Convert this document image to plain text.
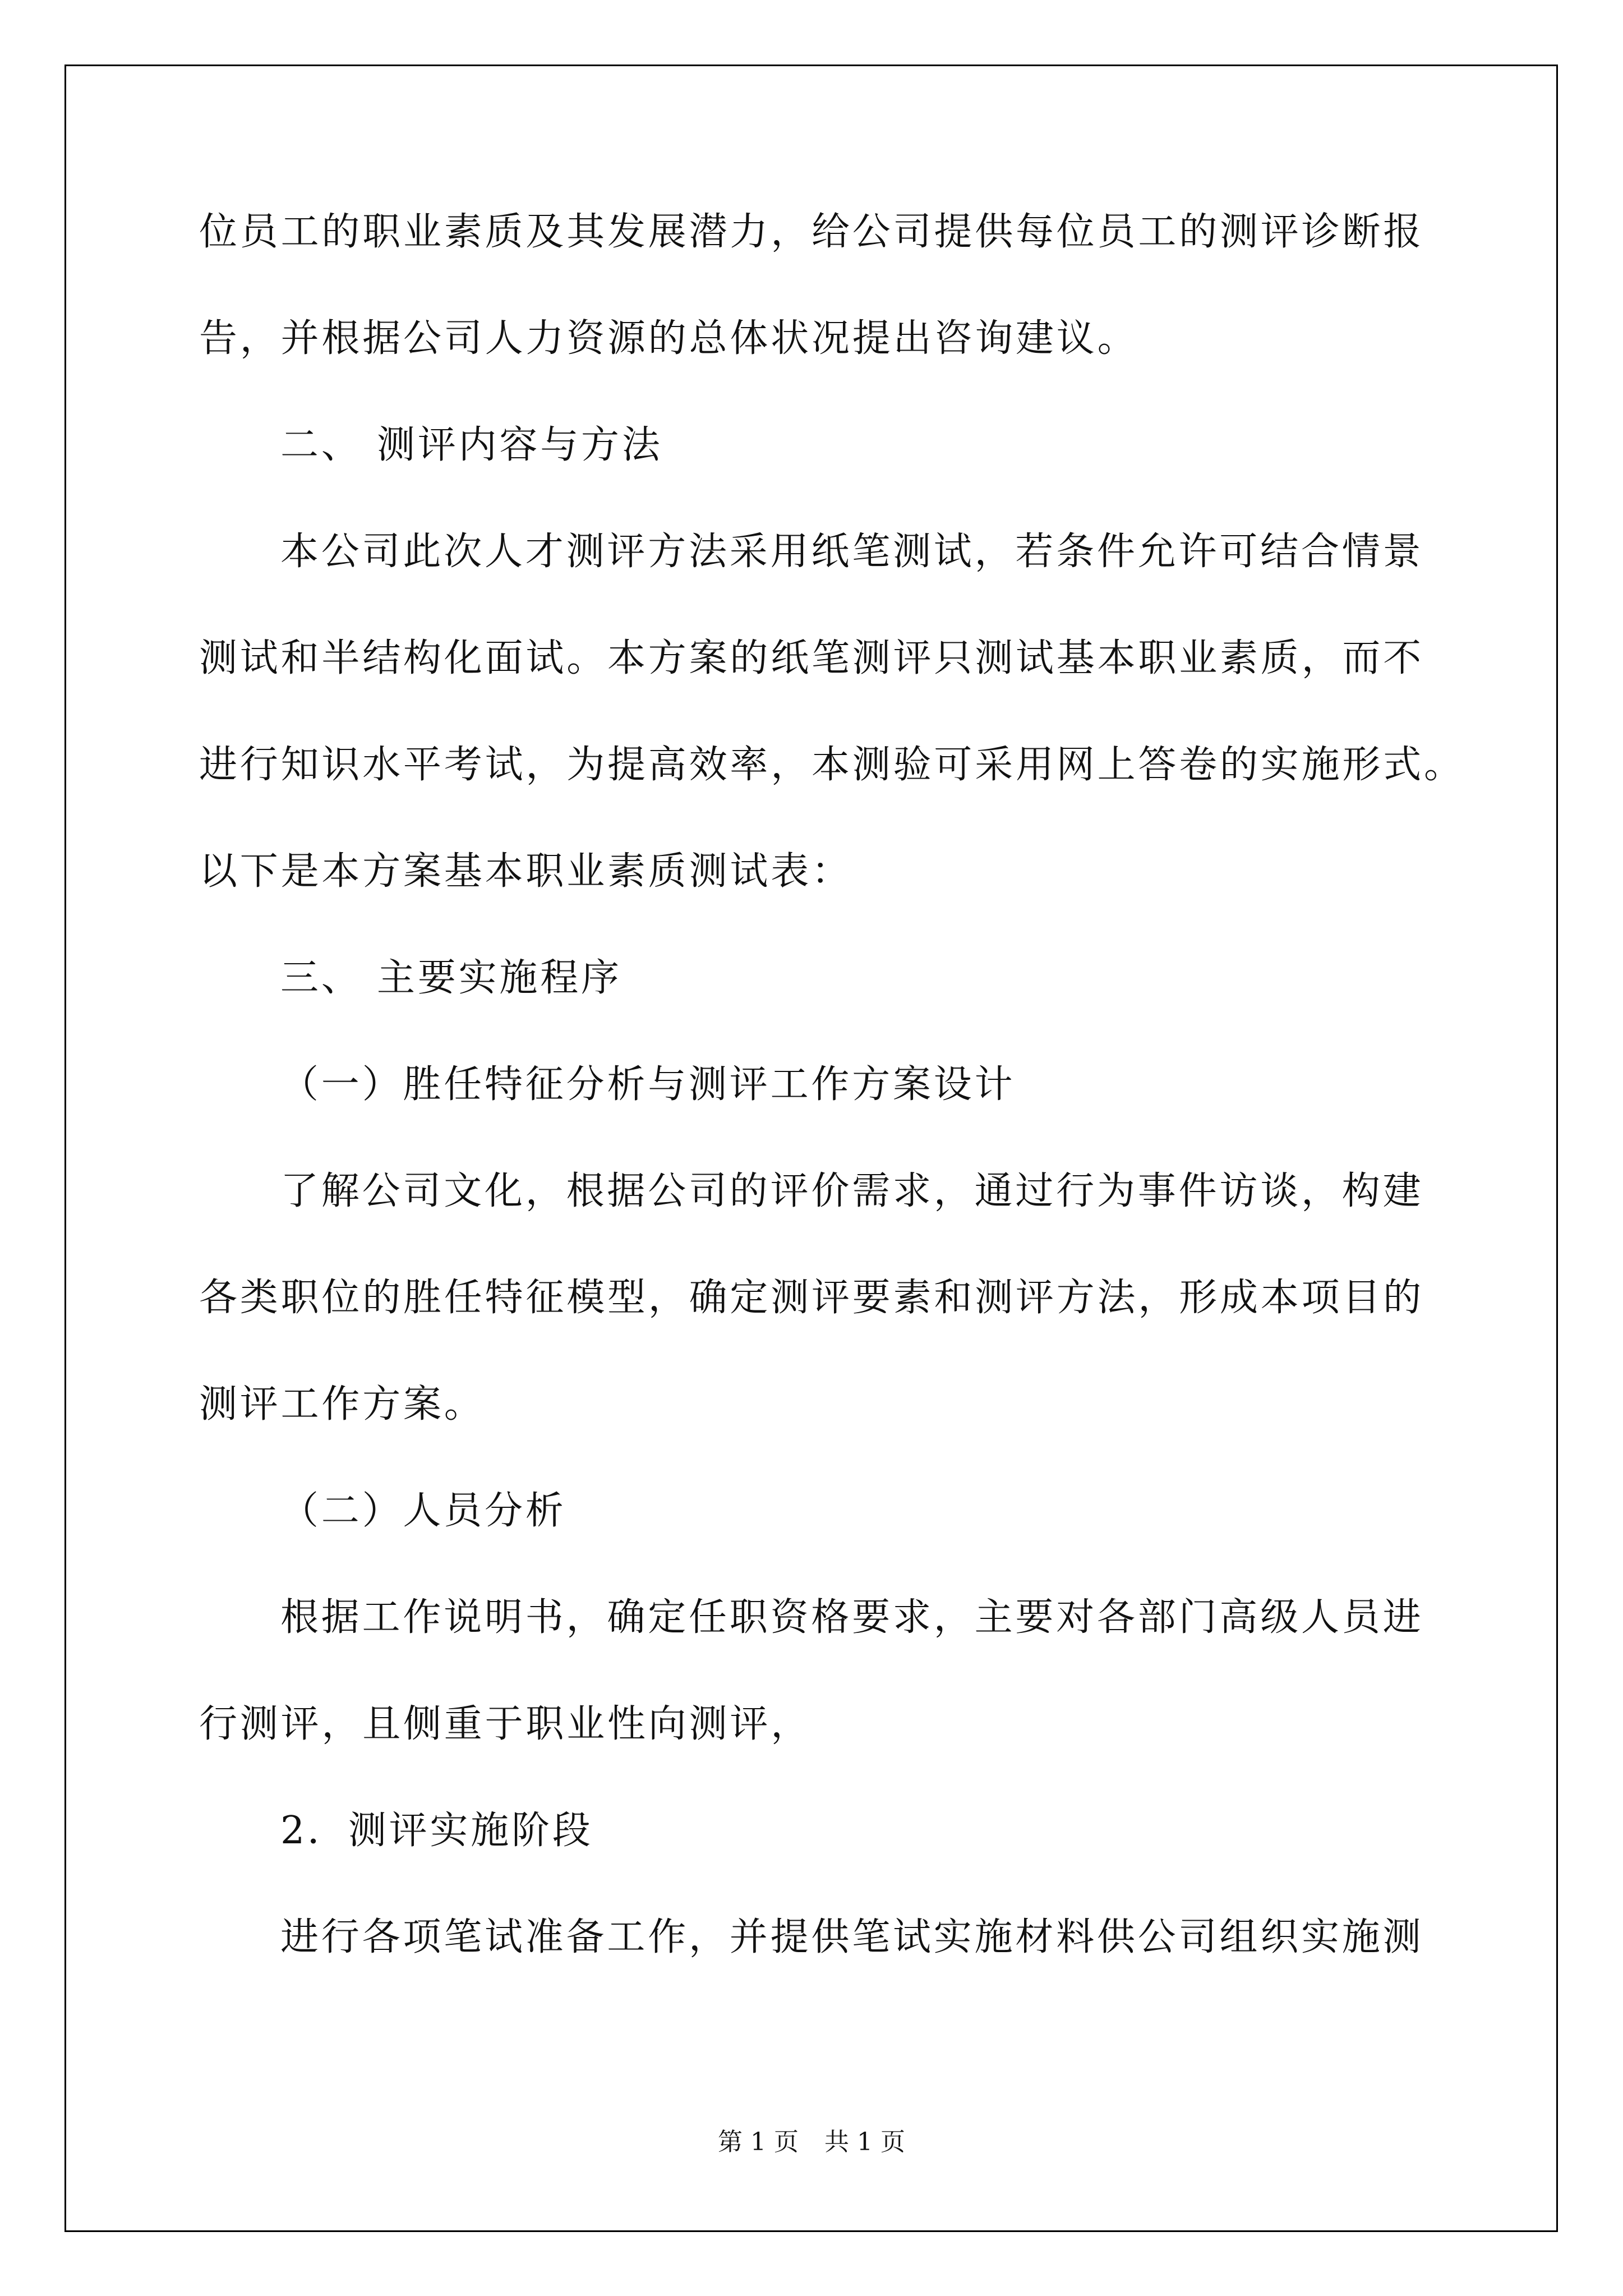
位员工的职业素质及其发展潜力，给公司提供每位员工的测评诊断报
告，并根据公司人力资源的总体状况提出咨询建议。
二、 测评内容与方法
本公司此次人才测评方法采用纸笔测试，若条件允许可结合情景
测试和半结构化面试。本方案的纸笔测评只测试基本职业素质，而不
进行知识水平考试，为提高效率，本测验可采用网上答卷的实施形式。
以下是本方案基本职业素质测试表：
三、 主要实施程序
（一）胜任特征分析与测评工作方案设计
了解公司文化，根据公司的评价需求，通过行为事件访谈，构建
各类职位的胜任特征模型，确定测评要素和测评方法，形成本项目的
测评工作方案。
（二）人员分析
根据工作说明书，确定任职资格要求，主要对各部门高级人员进
行测评，且侧重于职业性向测评，
2．测评实施阶段
进行各项笔试准备工作，并提供笔试实施材料供公司组织实施测
第 1 页 共 1 页
